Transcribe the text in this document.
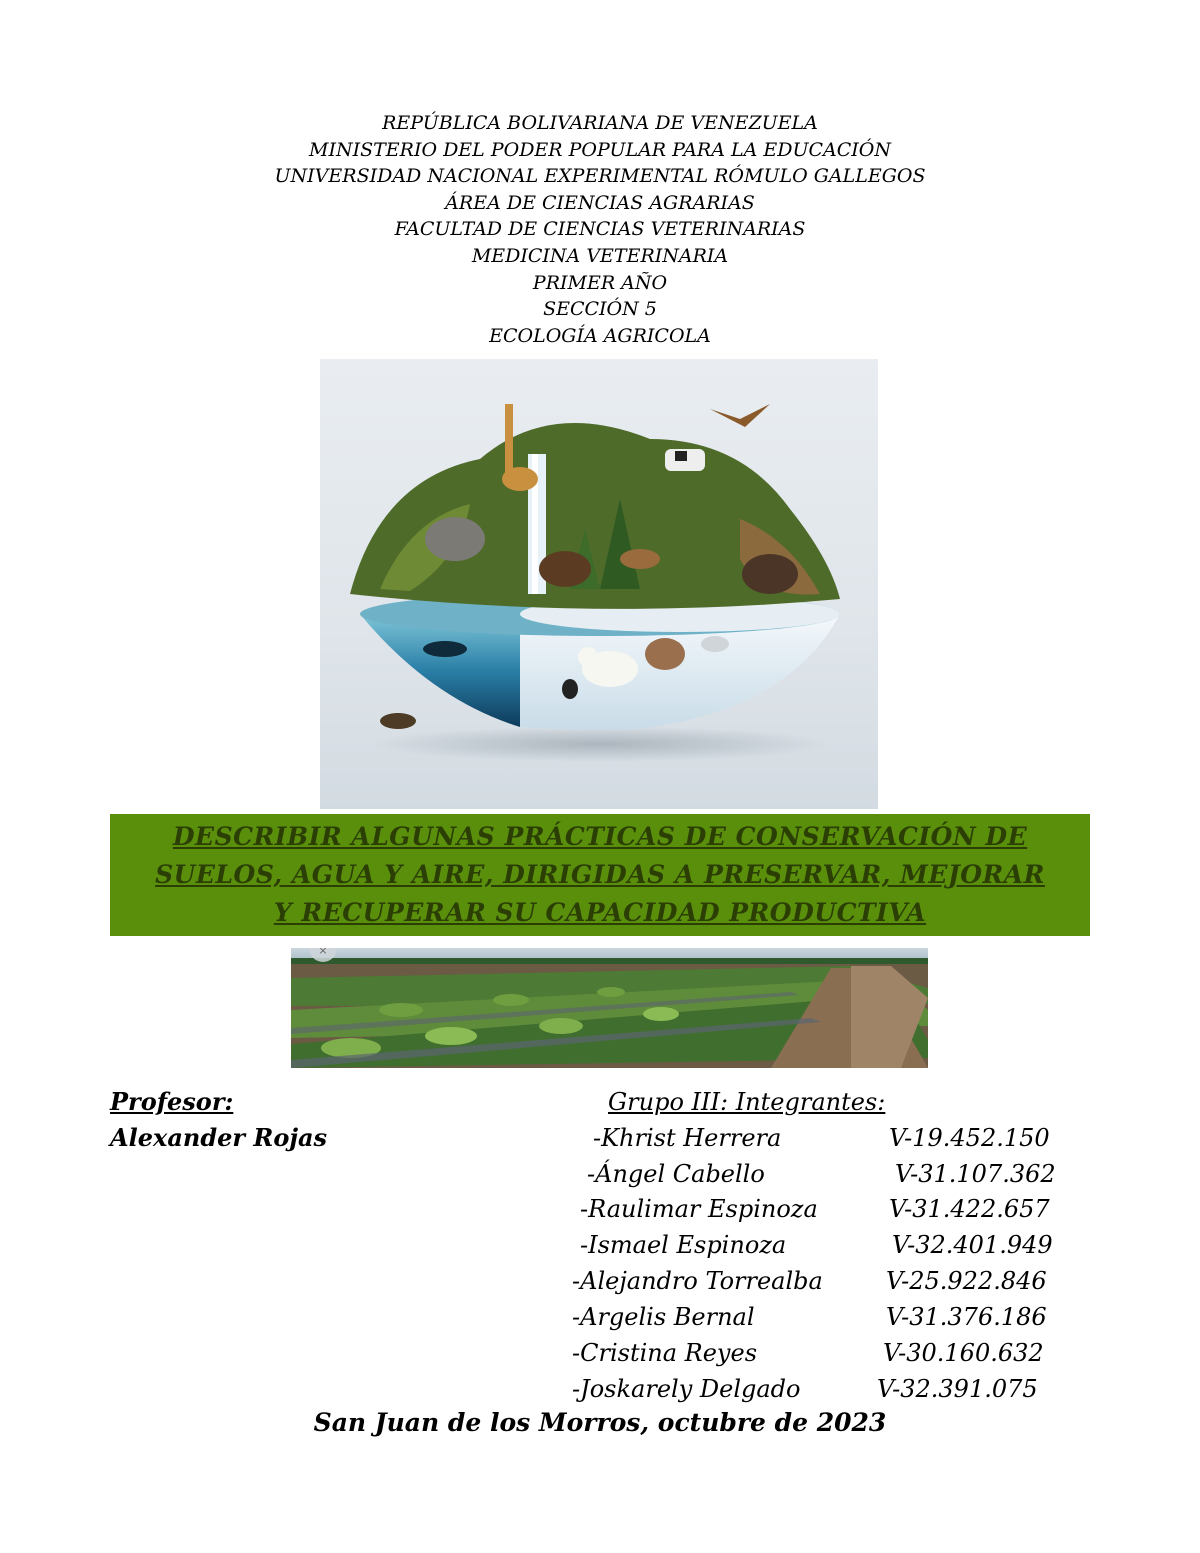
REPÚBLICA BOLIVARIANA DE VENEZUELA
MINISTERIO DEL PODER POPULAR PARA LA EDUCACIÓN
UNIVERSIDAD NACIONAL EXPERIMENTAL RÓMULO GALLEGOS
ÁREA DE CIENCIAS AGRARIAS
FACULTAD DE CIENCIAS VETERINARIAS
MEDICINA VETERINARIA
PRIMER AÑO
SECCIÓN 5
ECOLOGÍA AGRICOLA
DESCRIBIR ALGUNAS PRÁCTICAS DE CONSERVACIÓN DE
SUELOS, AGUA Y AIRE, DIRIGIDAS A PRESERVAR, MEJORAR
Y RECUPERAR SU CAPACIDAD PRODUCTIVA
×
Profesor:
Alexander Rojas
Grupo III: Integrantes:
-Khrist Herrera	V-19.452.150
-Ángel Cabello	V-31.107.362
-Raulimar Espinoza	V-31.422.657
-Ismael Espinoza	V-32.401.949
-Alejandro Torrealba	V-25.922.846
-Argelis Bernal	V-31.376.186
-Cristina Reyes	V-30.160.632
-Joskarely Delgado	V-32.391.075
San Juan de los Morros, octubre de 2023
